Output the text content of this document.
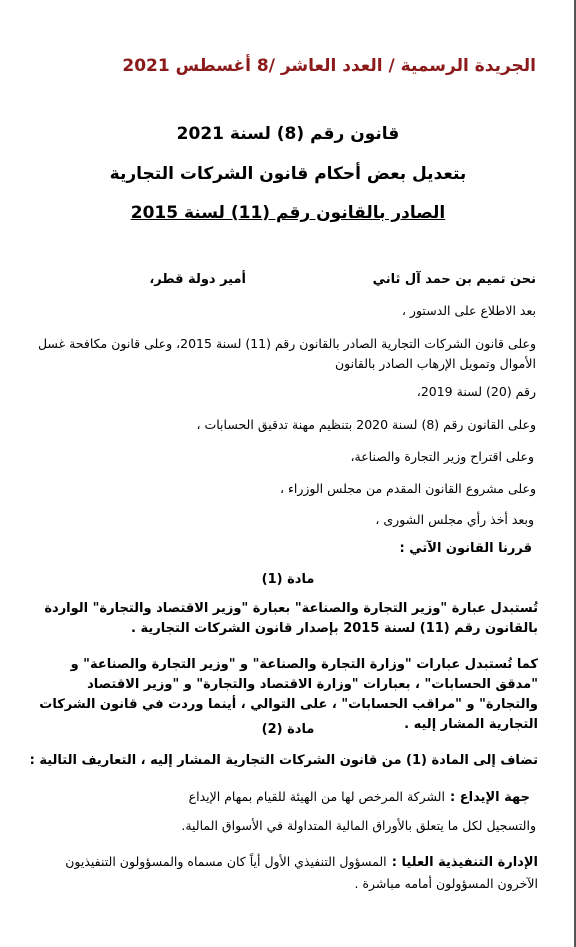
الجريدة الرسمية / العدد العاشر /8 أغسطس 2021
قانون رقم (8) لسنة 2021
بتعديل بعض أحكام قانون الشركات التجارية
الصادر بالقانون رقم (11) لسنة 2015
نحن تميم بن حمد آل ثاني
أمير دولة قطر،
بعد الاطلاع على الدستور ،
وعلى قانون الشركات التجارية الصادر بالقانون رقم (11) لسنة 2015، وعلى قانون مكافحة غسل الأموال وتمويل الإرهاب الصادر بالقانون
رقم (20) لسنة 2019،
وعلى القانون رقم (8) لسنة 2020 بتنظيم مهنة تدقيق الحسابات ،
وعلى اقتراح وزير التجارة والصناعة،
وعلى مشروع القانون المقدم من مجلس الوزراء ،
وبعد أخذ رأي مجلس الشورى ،
قررنا القانون الآتي :
مادة (1)
تُستبدل عبارة "وزير التجارة والصناعة" بعبارة "وزير الاقتصاد والتجارة" الواردة بالقانون رقم (11) لسنة 2015 بإصدار قانون الشركات التجارية .
كما تُستبدل عبارات "وزارة التجارة والصناعة" و "وزير التجارة والصناعة" و "مدقق الحسابات" ، بعبارات "وزارة الاقتصاد والتجارة" و "وزير الاقتصاد والتجارة" و "مراقب الحسابات" ، على التوالي ، أينما وردت في قانون الشركات التجارية المشار إليه .
مادة (2)
تضاف إلى المادة (1) من قانون الشركات التجارية المشار إليه ، التعاريف التالية :
جهة الإيداع : الشركة المرخص لها من الهيئة للقيام بمهام الإيداع
والتسجيل لكل ما يتعلق بالأوراق المالية المتداولة في الأسواق المالية.
الإدارة التنفيذية العليا : المسؤول التنفيذي الأول أياً كان مسماه والمسؤولون التنفيذيون الآخرون المسؤولون أمامه مباشرة .
